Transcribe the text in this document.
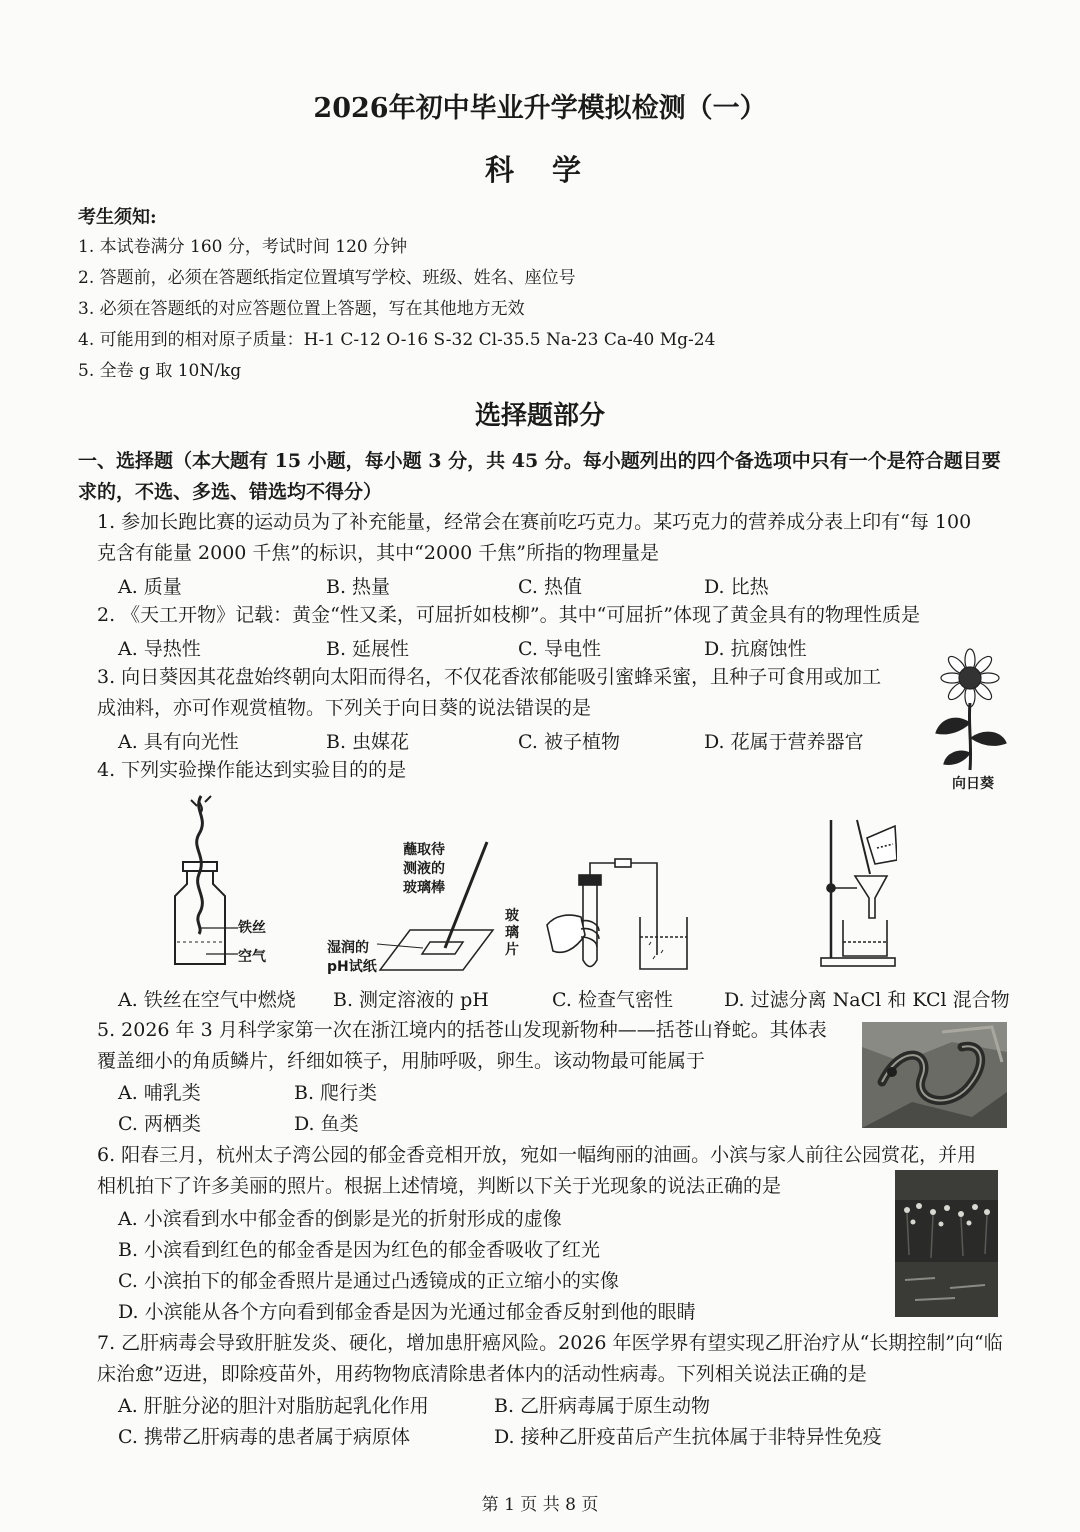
2026年初中毕业升学模拟检测（一）
科 学
考生须知:
1. 本试卷满分 160 分，考试时间 120 分钟
2. 答题前，必须在答题纸指定位置填写学校、班级、姓名、座位号
3. 必须在答题纸的对应答题位置上答题，写在其他地方无效
4. 可能用到的相对原子质量：H-1 C-12 O-16 S-32 Cl-35.5 Na-23 Ca-40 Mg-24
5. 全卷 g 取 10N/kg
选择题部分
一、选择题（本大题有 15 小题，每小题 3 分，共 45 分。每小题列出的四个备选项中只有一个是符合题目要求的，不选、多选、错选均不得分）
1. 参加长跑比赛的运动员为了补充能量，经常会在赛前吃巧克力。某巧克力的营养成分表上印有“每 100
克含有能量 2000 千焦”的标识，其中“2000 千焦”所指的物理量是
A. 质量	B. 热量	C. 热值	D. 比热
2. 《天工开物》记载：黄金“性又柔，可屈折如枝柳”。其中“可屈折”体现了黄金具有的物理性质是
A. 导热性	B. 延展性	C. 导电性	D. 抗腐蚀性
3. 向日葵因其花盘始终朝向太阳而得名，不仅花香浓郁能吸引蜜蜂采蜜，且种子可食用或加工
成油料，亦可作观赏植物。下列关于向日葵的说法错误的是
A. 具有向光性	B. 虫媒花	C. 被子植物	D. 花属于营养器官
向日葵
4. 下列实验操作能达到实验目的的是
铁丝
空气
蘸取待
测液的
玻璃棒
湿润的
pH试纸
玻璃片
A. 铁丝在空气中燃烧 B. 测定溶液的 pH	C. 检查气密性	D. 过滤分离 NaCl 和 KCl 混合物
5. 2026 年 3 月科学家第一次在浙江境内的括苍山发现新物种——括苍山脊蛇。其体表
覆盖细小的角质鳞片，纤细如筷子，用肺呼吸，卵生。该动物最可能属于
A. 哺乳类	B. 爬行类
C. 两栖类	D. 鱼类
6. 阳春三月，杭州太子湾公园的郁金香竞相开放，宛如一幅绚丽的油画。小滨与家人前往公园赏花，并用
相机拍下了许多美丽的照片。根据上述情境，判断以下关于光现象的说法正确的是
A. 小滨看到水中郁金香的倒影是光的折射形成的虚像
B. 小滨看到红色的郁金香是因为红色的郁金香吸收了红光
C. 小滨拍下的郁金香照片是通过凸透镜成的正立缩小的实像
D. 小滨能从各个方向看到郁金香是因为光通过郁金香反射到他的眼睛
7. 乙肝病毒会导致肝脏发炎、硬化，增加患肝癌风险。2026 年医学界有望实现乙肝治疗从“长期控制”向“临
床治愈”迈进，即除疫苗外，用药物物底清除患者体内的活动性病毒。下列相关说法正确的是
A. 肝脏分泌的胆汁对脂肪起乳化作用	B. 乙肝病毒属于原生动物
C. 携带乙肝病毒的患者属于病原体	D. 接种乙肝疫苗后产生抗体属于非特异性免疫
第 1 页 共 8 页
